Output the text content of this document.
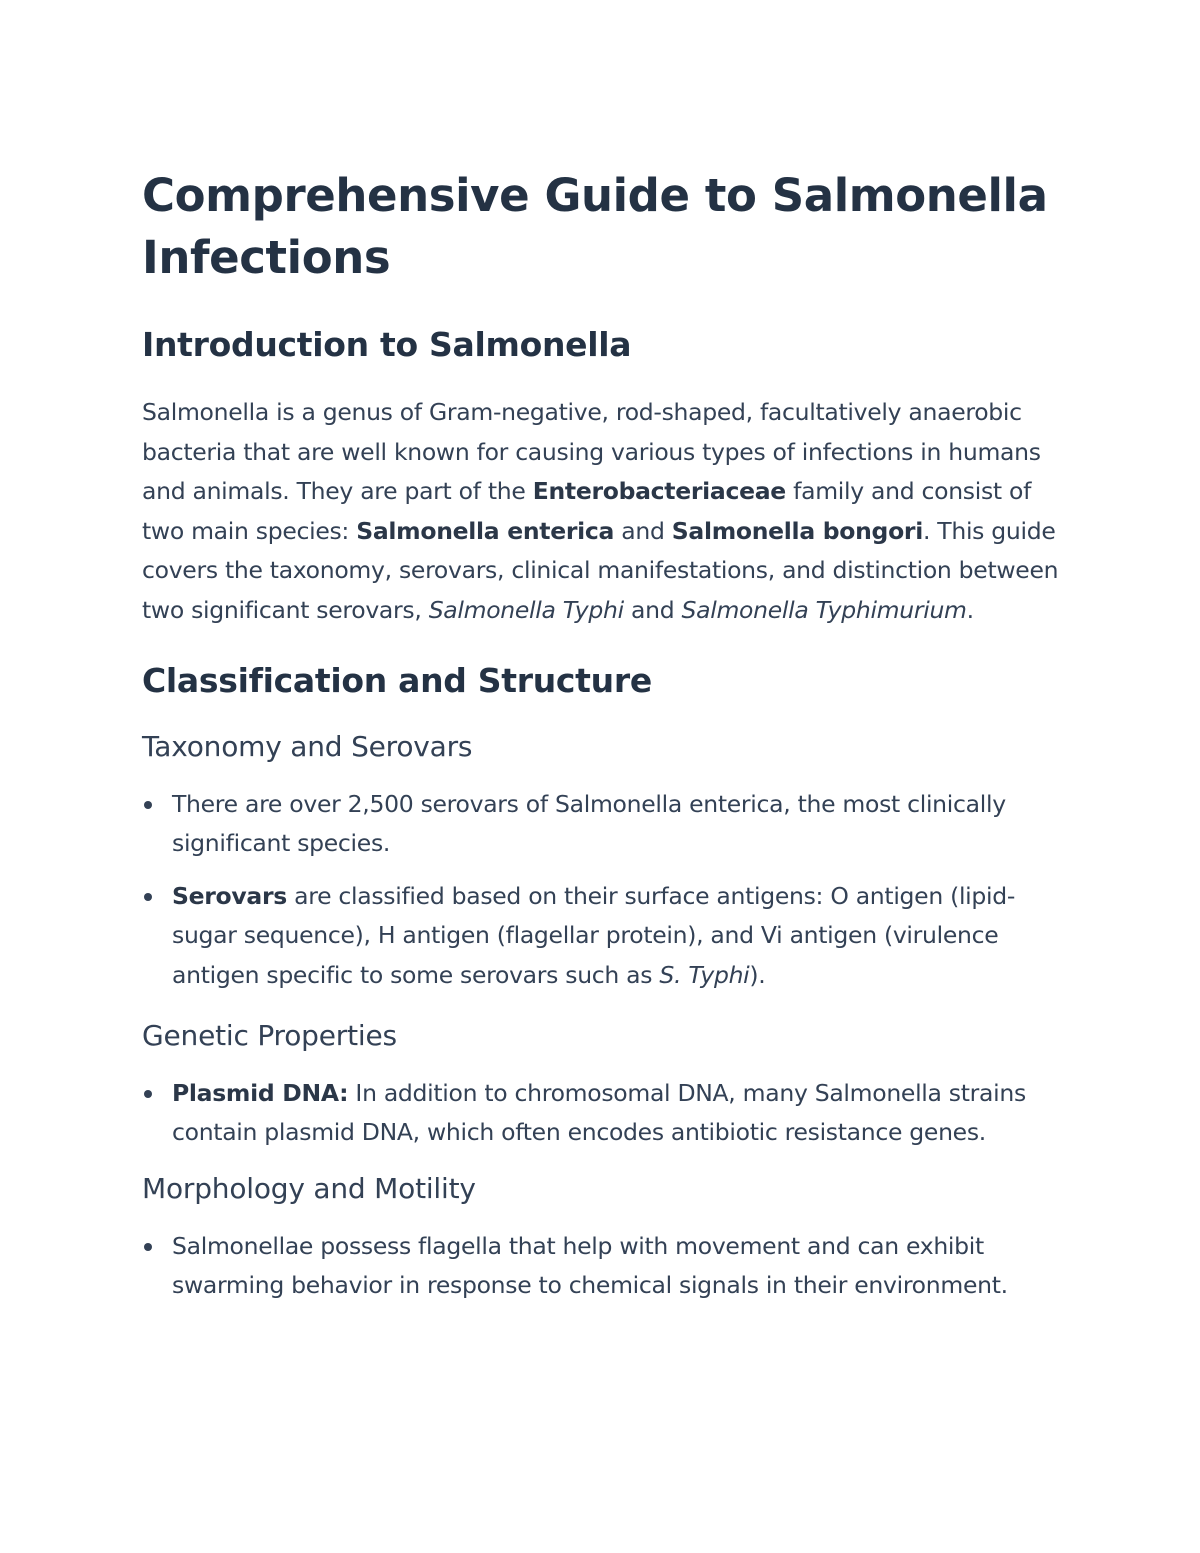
Comprehensive Guide to Salmonella Infections
Introduction to Salmonella

Salmonella is a genus of Gram-negative, rod-shaped, facultatively anaerobic bacteria that are well known for causing various types of infections in humans and animals. They are part of the Enterobacteriaceae family and consist of two main species: Salmonella enterica and Salmonella bongori. This guide covers the taxonomy, serovars, clinical manifestations, and distinction between two significant serovars, Salmonella Typhi and Salmonella Typhimurium.

Classification and Structure
Taxonomy and Serovars
There are over 2,500 serovars of Salmonella enterica, the most clinically significant species.
Serovars are classified based on their surface antigens: O antigen (lipid-sugar sequence), H antigen (flagellar protein), and Vi antigen (virulence antigen specific to some serovars such as S. Typhi).
Genetic Properties
Plasmid DNA: In addition to chromosomal DNA, many Salmonella strains contain plasmid DNA, which often encodes antibiotic resistance genes.
Morphology and Motility
Salmonellae possess flagella that help with movement and can exhibit swarming behavior in response to chemical signals in their environment.
